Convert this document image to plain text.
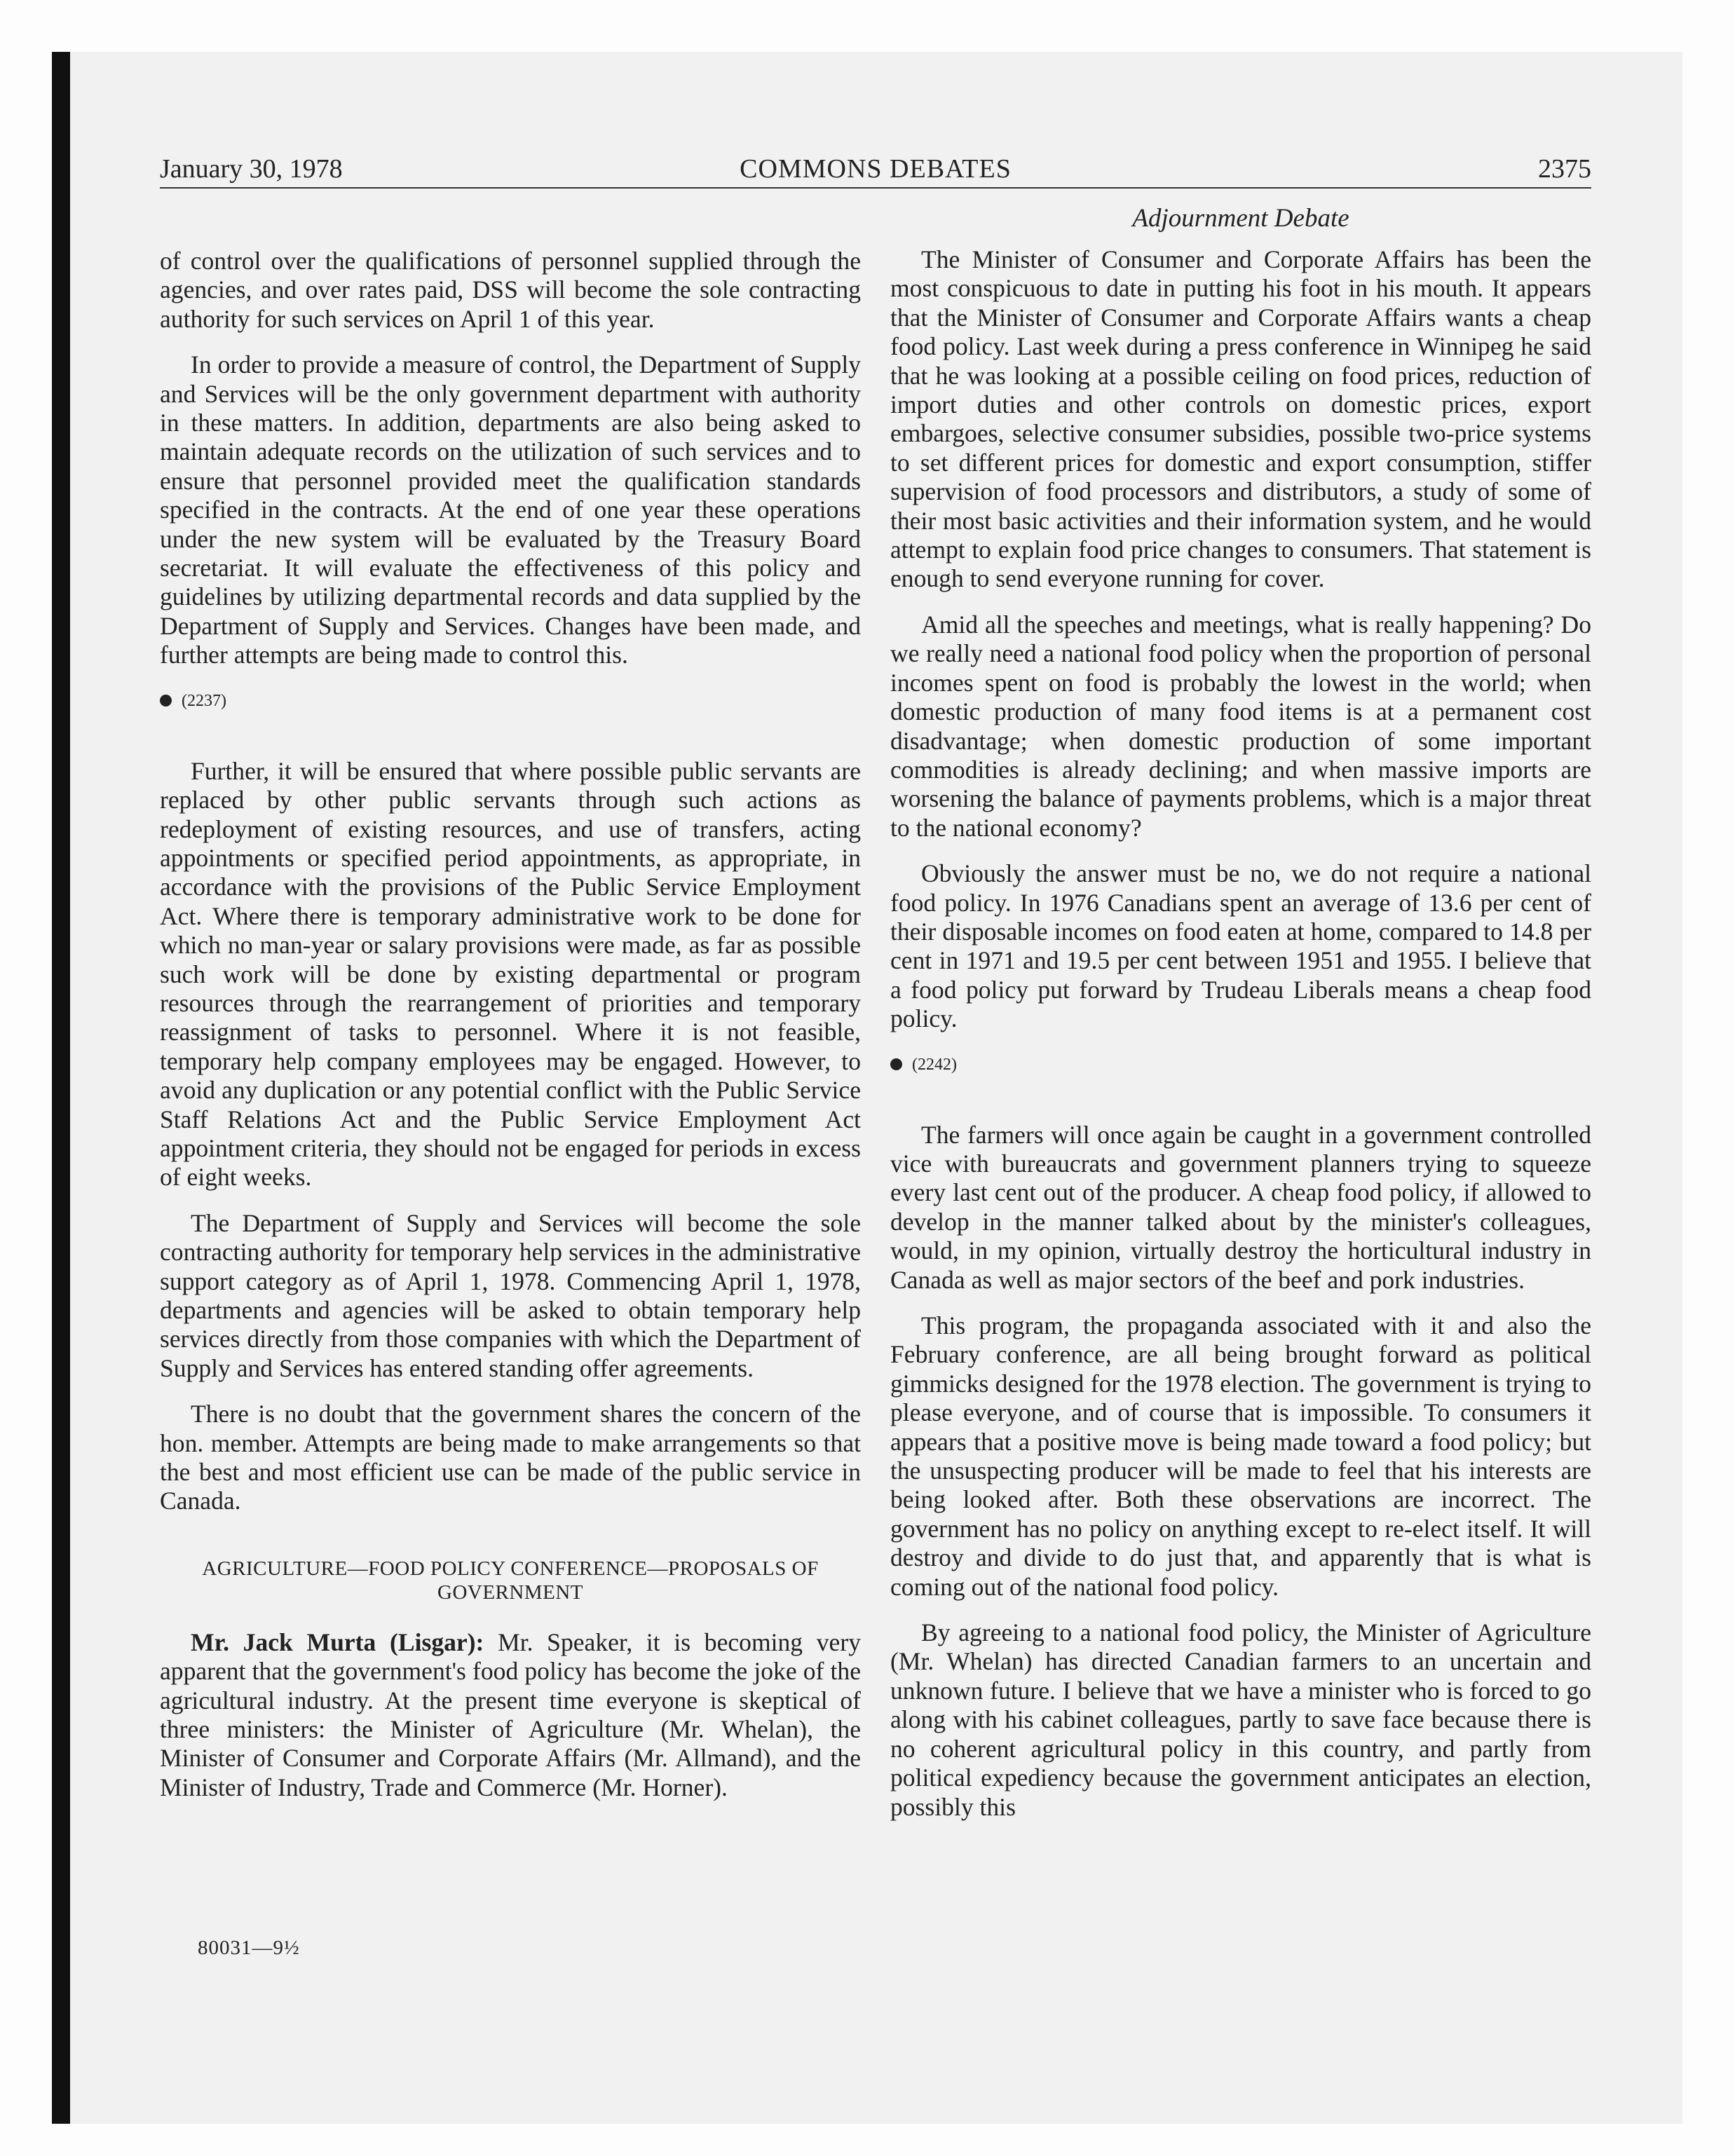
January 30, 1978	COMMONS DEBATES	2375

of control over the qualifications of personnel supplied through the agencies, and over rates paid, DSS will become the sole contracting authority for such services on April 1 of this year.

In order to provide a measure of control, the Department of Supply and Services will be the only government department with authority in these matters. In addition, departments are also being asked to maintain adequate records on the utilization of such services and to ensure that personnel provided meet the qualification standards specified in the contracts. At the end of one year these operations under the new system will be evaluated by the Treasury Board secretariat. It will evaluate the effectiveness of this policy and guidelines by utilizing departmental records and data supplied by the Department of Supply and Services. Changes have been made, and further attempts are being made to control this.

(2237)

Further, it will be ensured that where possible public servants are replaced by other public servants through such actions as redeployment of existing resources, and use of transfers, acting appointments or specified period appointments, as appropriate, in accordance with the provisions of the Public Service Employment Act. Where there is temporary administrative work to be done for which no man-year or salary provisions were made, as far as possible such work will be done by existing departmental or program resources through the rearrangement of priorities and temporary reassignment of tasks to personnel. Where it is not feasible, temporary help company employees may be engaged. However, to avoid any duplication or any potential conflict with the Public Service Staff Relations Act and the Public Service Employment Act appointment criteria, they should not be engaged for periods in excess of eight weeks.

The Department of Supply and Services will become the sole contracting authority for temporary help services in the administrative support category as of April 1, 1978. Commencing April 1, 1978, departments and agencies will be asked to obtain temporary help services directly from those companies with which the Department of Supply and Services has entered standing offer agreements.

There is no doubt that the government shares the concern of the hon. member. Attempts are being made to make arrangements so that the best and most efficient use can be made of the public service in Canada.

AGRICULTURE—FOOD POLICY CONFERENCE—PROPOSALS OF GOVERNMENT

Mr. Jack Murta (Lisgar): Mr. Speaker, it is becoming very apparent that the government's food policy has become the joke of the agricultural industry. At the present time everyone is skeptical of three ministers: the Minister of Agriculture (Mr. Whelan), the Minister of Consumer and Corporate Affairs (Mr. Allmand), and the Minister of Industry, Trade and Commerce (Mr. Horner).

Adjournment Debate

The Minister of Consumer and Corporate Affairs has been the most conspicuous to date in putting his foot in his mouth. It appears that the Minister of Consumer and Corporate Affairs wants a cheap food policy. Last week during a press conference in Winnipeg he said that he was looking at a possible ceiling on food prices, reduction of import duties and other controls on domestic prices, export embargoes, selective consumer subsidies, possible two-price systems to set different prices for domestic and export consumption, stiffer supervision of food processors and distributors, a study of some of their most basic activities and their information system, and he would attempt to explain food price changes to consumers. That statement is enough to send everyone running for cover.

Amid all the speeches and meetings, what is really happening? Do we really need a national food policy when the proportion of personal incomes spent on food is probably the lowest in the world; when domestic production of many food items is at a permanent cost disadvantage; when domestic production of some important commodities is already declining; and when massive imports are worsening the balance of payments problems, which is a major threat to the national economy?

Obviously the answer must be no, we do not require a national food policy. In 1976 Canadians spent an average of 13.6 per cent of their disposable incomes on food eaten at home, compared to 14.8 per cent in 1971 and 19.5 per cent between 1951 and 1955. I believe that a food policy put forward by Trudeau Liberals means a cheap food policy.

(2242)

The farmers will once again be caught in a government controlled vice with bureaucrats and government planners trying to squeeze every last cent out of the producer. A cheap food policy, if allowed to develop in the manner talked about by the minister's colleagues, would, in my opinion, virtually destroy the horticultural industry in Canada as well as major sectors of the beef and pork industries.

This program, the propaganda associated with it and also the February conference, are all being brought forward as political gimmicks designed for the 1978 election. The government is trying to please everyone, and of course that is impossible. To consumers it appears that a positive move is being made toward a food policy; but the unsuspecting producer will be made to feel that his interests are being looked after. Both these observations are incorrect. The government has no policy on anything except to re-elect itself. It will destroy and divide to do just that, and apparently that is what is coming out of the national food policy.

By agreeing to a national food policy, the Minister of Agriculture (Mr. Whelan) has directed Canadian farmers to an uncertain and unknown future. I believe that we have a minister who is forced to go along with his cabinet colleagues, partly to save face because there is no coherent agricultural policy in this country, and partly from political expediency because the government anticipates an election, possibly this

80031—9½
